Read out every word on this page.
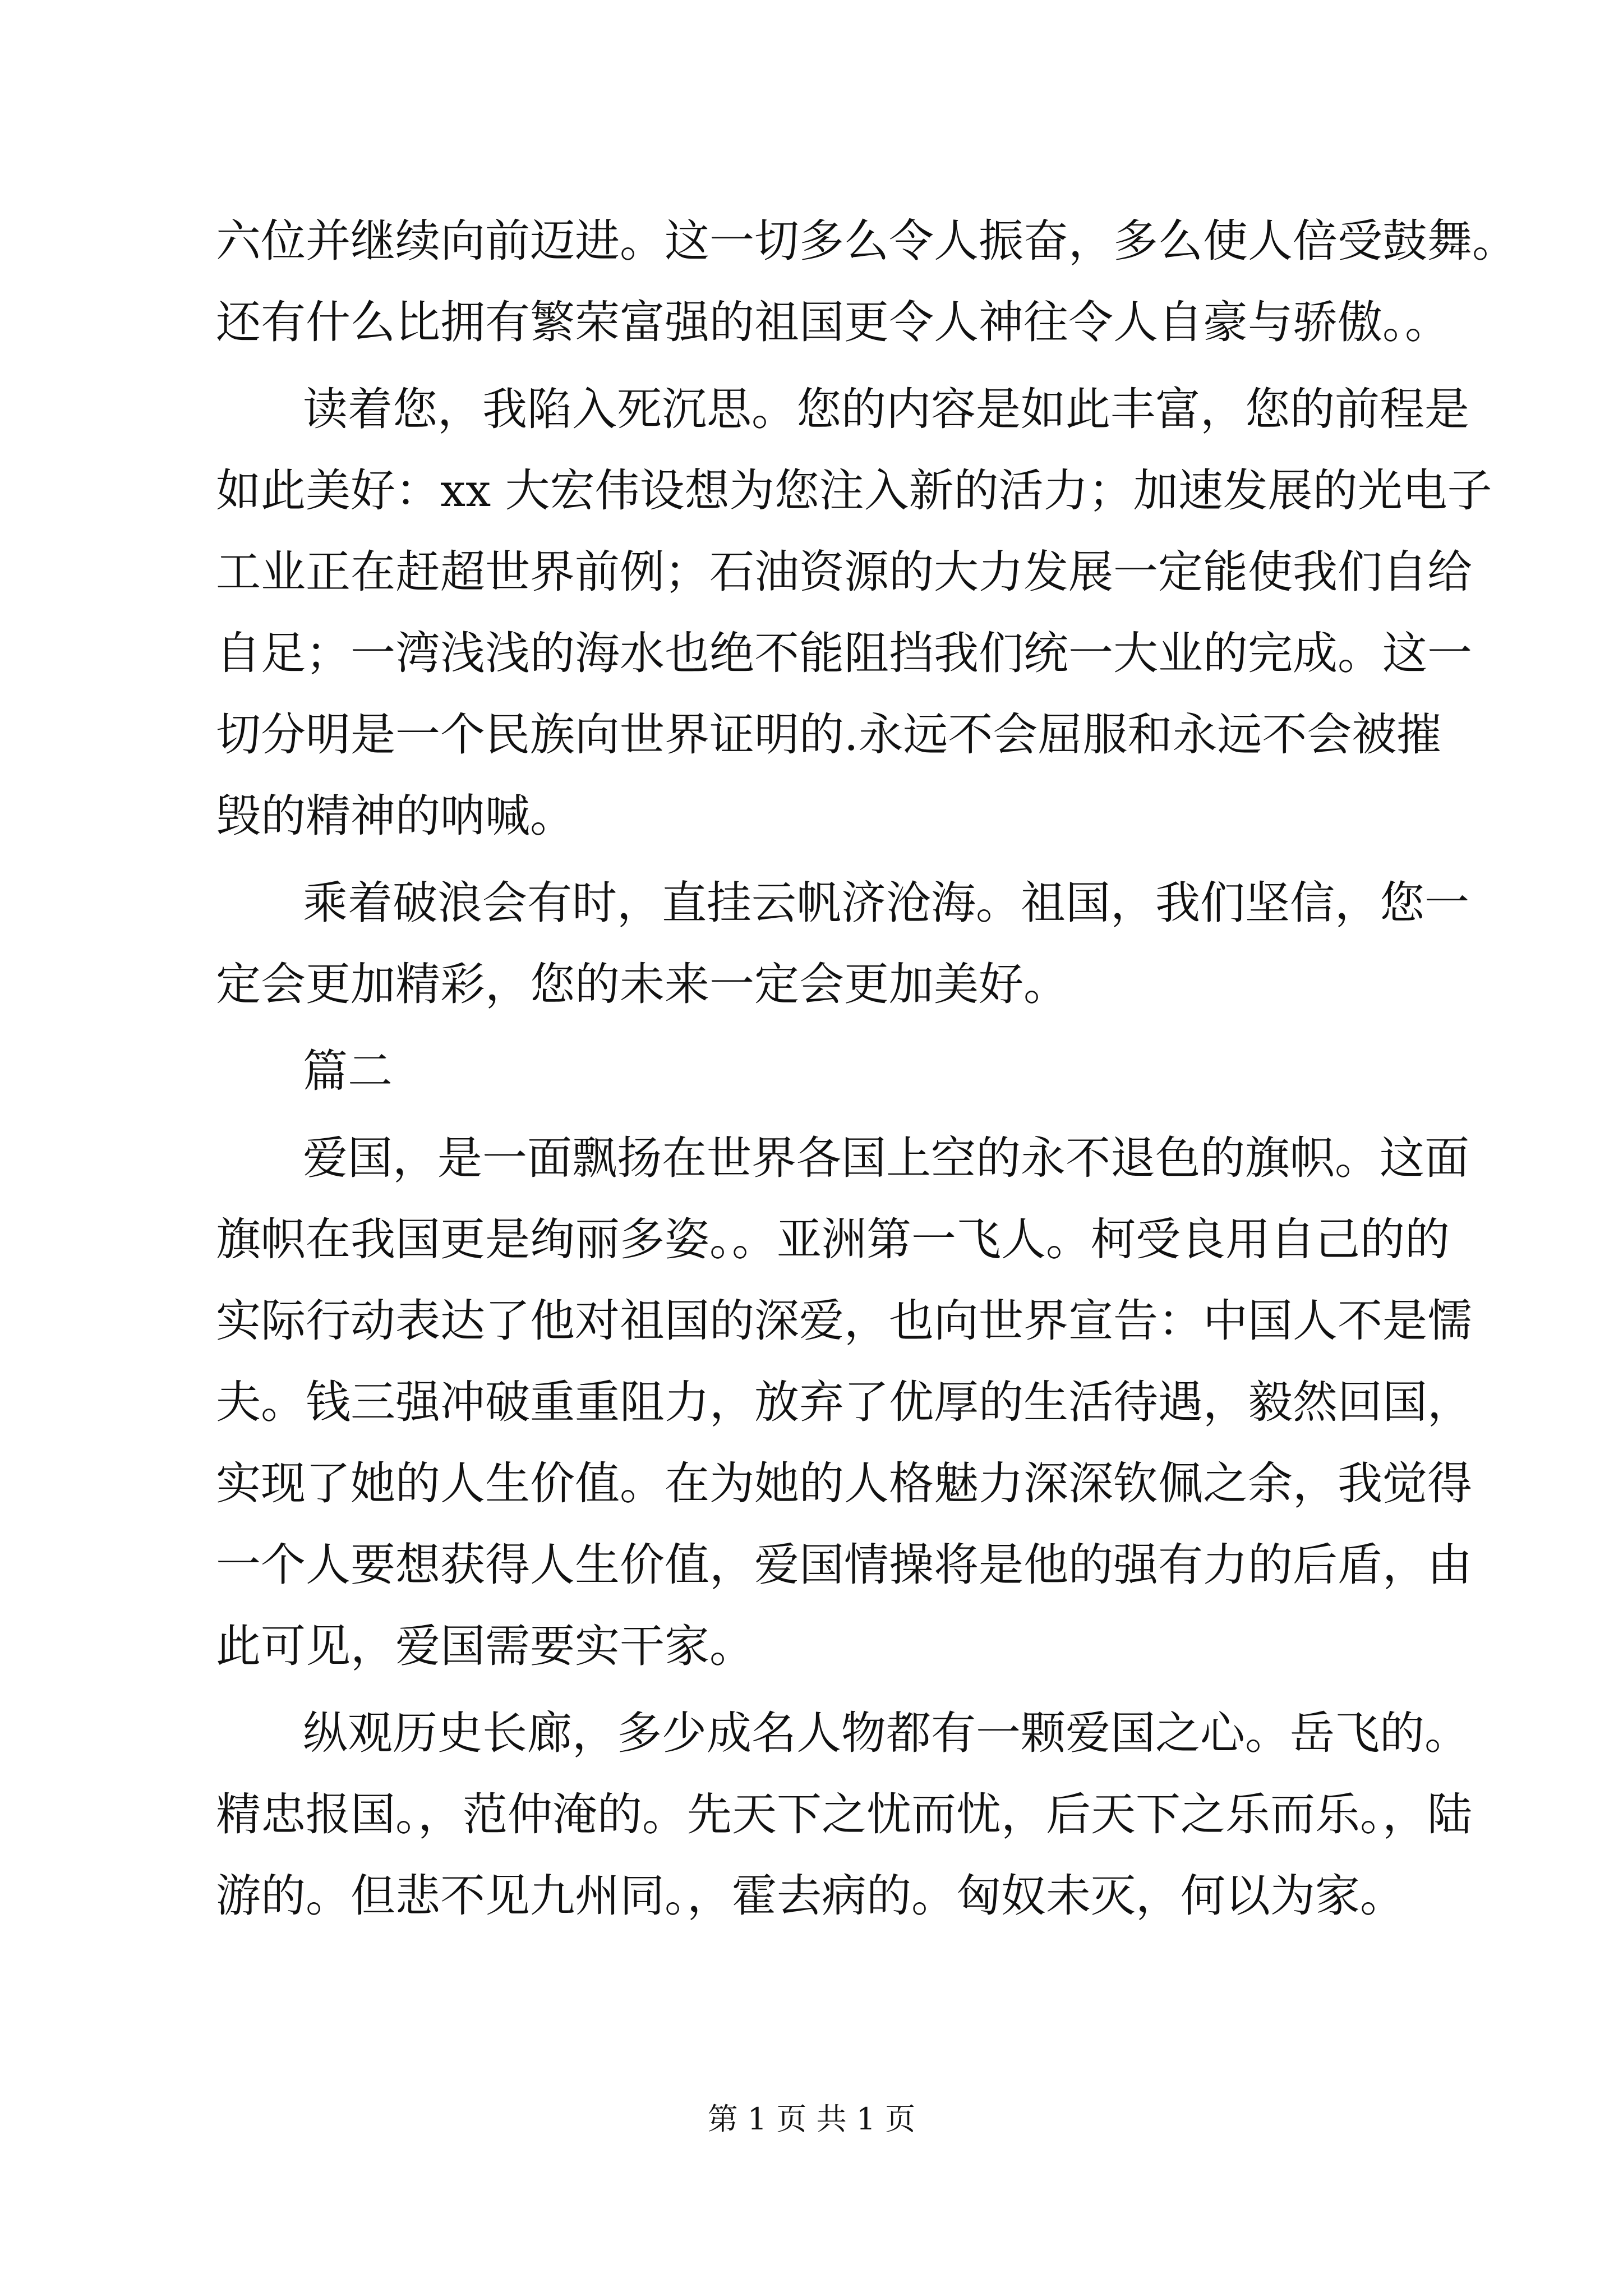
六位并继续向前迈进。这一切多么令人振奋，多么使人倍受鼓舞。
还有什么比拥有繁荣富强的祖国更令人神往令人自豪与骄傲。。
读着您，我陷入死沉思。您的内容是如此丰富，您的前程是
如此美好：xx 大宏伟设想为您注入新的活力；加速发展的光电子
工业正在赶超世界前例；石油资源的大力发展一定能使我们自给
自足；一湾浅浅的海水也绝不能阻挡我们统一大业的完成。这一
切分明是一个民族向世界证明的.永远不会屈服和永远不会被摧
毁的精神的呐喊。
乘着破浪会有时，直挂云帆济沧海。祖国，我们坚信，您一
定会更加精彩，您的未来一定会更加美好。
篇二
爱国，是一面飘扬在世界各国上空的永不退色的旗帜。这面
旗帜在我国更是绚丽多姿。。亚洲第一飞人。柯受良用自己的的
实际行动表达了他对祖国的深爱，也向世界宣告：中国人不是懦
夫。钱三强冲破重重阻力，放弃了优厚的生活待遇，毅然回国，
实现了她的人生价值。在为她的人格魅力深深钦佩之余，我觉得
一个人要想获得人生价值，爱国情操将是他的强有力的后盾，由
此可见，爱国需要实干家。
纵观历史长廊，多少成名人物都有一颗爱国之心。岳飞的。
精忠报国。，范仲淹的。先天下之忧而忧，后天下之乐而乐。，陆
游的。但悲不见九州同。，霍去病的。匈奴未灭，何以为家。
第 1 页 共 1 页
